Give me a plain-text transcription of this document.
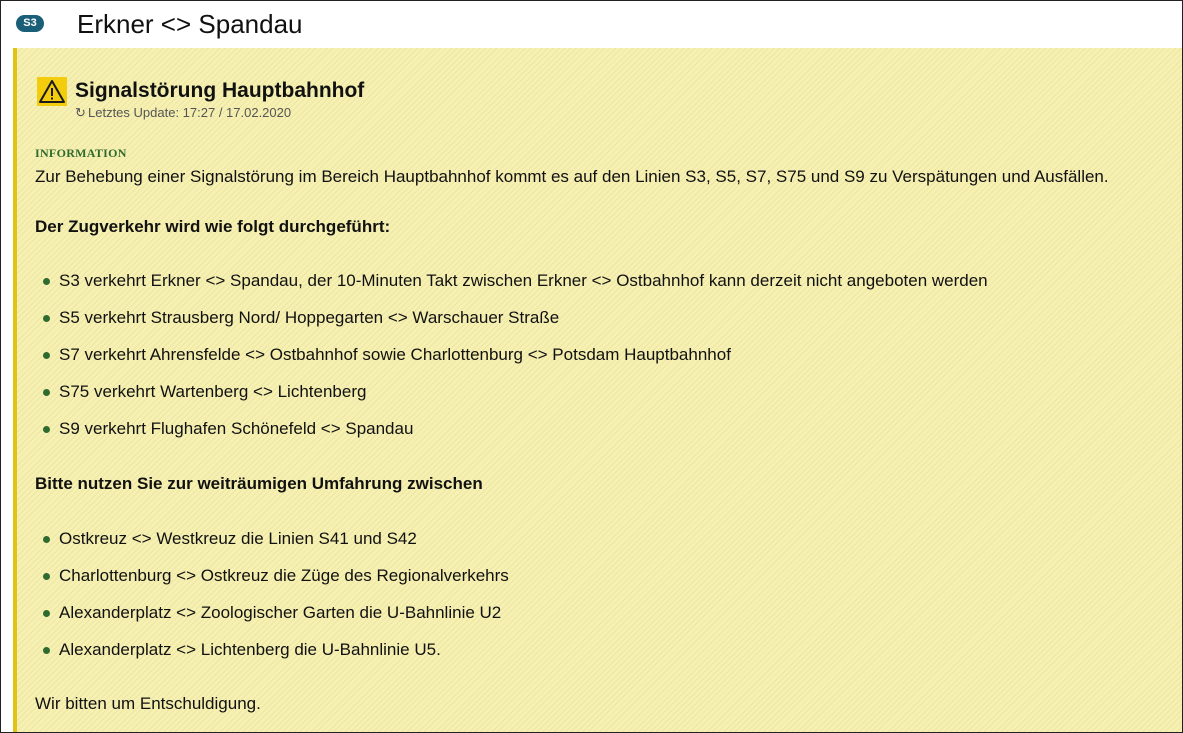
S3 Erkner <> Spandau
Signalstörung Hauptbahnhof
↻ Letztes Update: 17:27 / 17.02.2020
INFORMATION
Zur Behebung einer Signalstörung im Bereich Hauptbahnhof kommt es auf den Linien S3, S5, S7, S75 und S9 zu Verspätungen und Ausfällen.
Der Zugverkehr wird wie folgt durchgeführt:
S3 verkehrt Erkner <> Spandau, der 10-Minuten Takt zwischen Erkner <> Ostbahnhof kann derzeit nicht angeboten werden
S5 verkehrt Strausberg Nord/ Hoppegarten <> Warschauer Straße
S7 verkehrt Ahrensfelde <> Ostbahnhof sowie Charlottenburg <> Potsdam Hauptbahnhof
S75 verkehrt Wartenberg <> Lichtenberg
S9 verkehrt Flughafen Schönefeld <> Spandau
Bitte nutzen Sie zur weiträumigen Umfahrung zwischen
Ostkreuz <> Westkreuz die Linien S41 und S42
Charlottenburg <> Ostkreuz die Züge des Regionalverkehrs
Alexanderplatz <> Zoologischer Garten die U-Bahnlinie U2
Alexanderplatz <> Lichtenberg die U-Bahnlinie U5.
Wir bitten um Entschuldigung.
